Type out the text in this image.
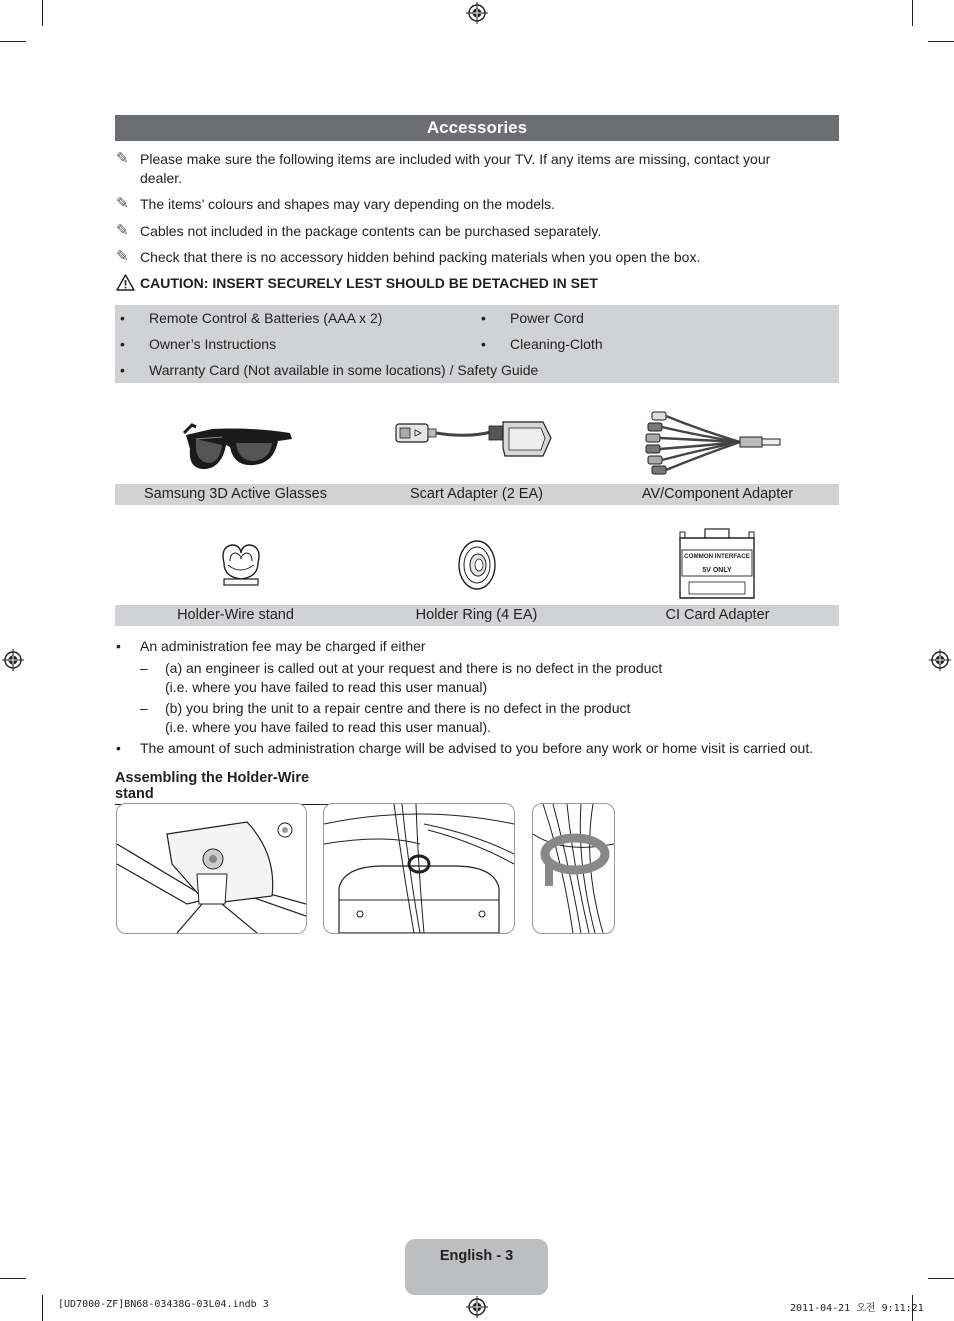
Accessories
✎ Please make sure the following items are included with your TV. If any items are missing, contact your
dealer.
✎ The items’ colours and shapes may vary depending on the models.
✎ Cables not included in the package contents can be purchased separately.
✎ Check that there is no accessory hidden behind packing materials when you open the box.
CAUTION: INSERT SECURELY LEST SHOULD BE DETACHED IN SET
• Remote Control & Batteries (AAA x 2)
• Owner’s Instructions
• Warranty Card (Not available in some locations) / Safety Guide
• Power Cord
• Cleaning-Cloth
Samsung 3D Active Glasses	Scart Adapter (2 EA)	AV/Component Adapter
COMMON INTERFACE
5V ONLY
Holder-Wire stand	Holder Ring (4 EA)	CI Card Adapter
• An administration fee may be charged if either
–	(a) an engineer is called out at your request and there is no defect in the product
(i.e. where you have failed to read this user manual)
–	(b) you bring the unit to a repair centre and there is no defect in the product
(i.e. where you have failed to read this user manual).
• The amount of such administration charge will be advised to you before any work or home visit is carried out.
Assembling the Holder-Wire stand
English - 3
[UD7000-ZF]BN68-03438G-03L04.indb 3	2011-04-21 오전 9:11:21
